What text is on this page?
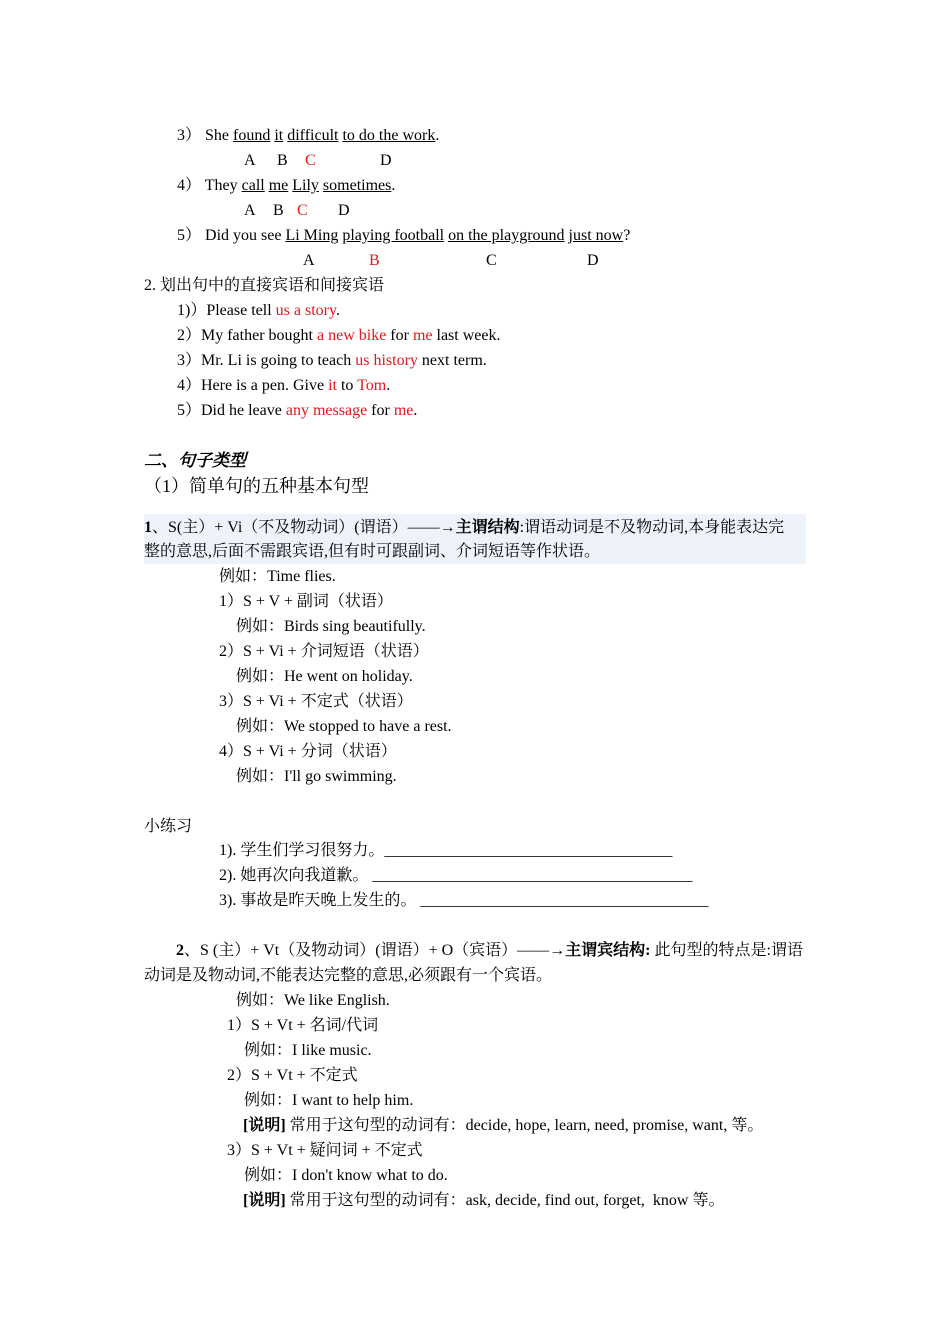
3） She found it difficult to do the work.
A B C	D
4） They call me Lily sometimes.
A B C D
5） Did you see Li Ming playing football on the playground just now?
A	B	C	D
2. 划出句中的直接宾语和间接宾语
1)）Please tell us a story.
2）My father bought a new bike for me last week.
3）Mr. Li is going to teach us history next term.
4）Here is a pen. Give it to Tom.
5）Did he leave any message for me.
二、句子类型
（1）简单句的五种基本句型
1、S(主）+ Vi（不及物动词）(谓语）——→主谓结构:谓语动词是不及物动词,本身能表达完
整的意思,后面不需跟宾语,但有时可跟副词、介词短语等作状语。
例如：Time flies.
1）S + V + 副词（状语）
例如：Birds sing beautifully.
2）S + Vi + 介词短语（状语）
例如：He went on holiday.
3）S + Vi + 不定式（状语）
例如：We stopped to have a rest.
4）S + Vi + 分词（状语）
例如：I'll go swimming.
小练习
1). 学生们学习很努力。____________________________________
2). 她再次向我道歉。 ________________________________________
3). 事故是昨天晚上发生的。 ____________________________________
2、S (主）+ Vt（及物动词）(谓语）+ O（宾语）——→主谓宾结构: 此句型的特点是:谓语
动词是及物动词,不能表达完整的意思,必须跟有一个宾语。
例如：We like English.
1）S + Vt + 名词/代词
例如：I like music.
2）S + Vt + 不定式
例如：I want to help him.
[说明] 常用于这句型的动词有：decide, hope, learn, need, promise, want, 等。
3）S + Vt + 疑问词 + 不定式
例如：I don't know what to do.
[说明] 常用于这句型的动词有：ask, decide, find out, forget,  know 等。
